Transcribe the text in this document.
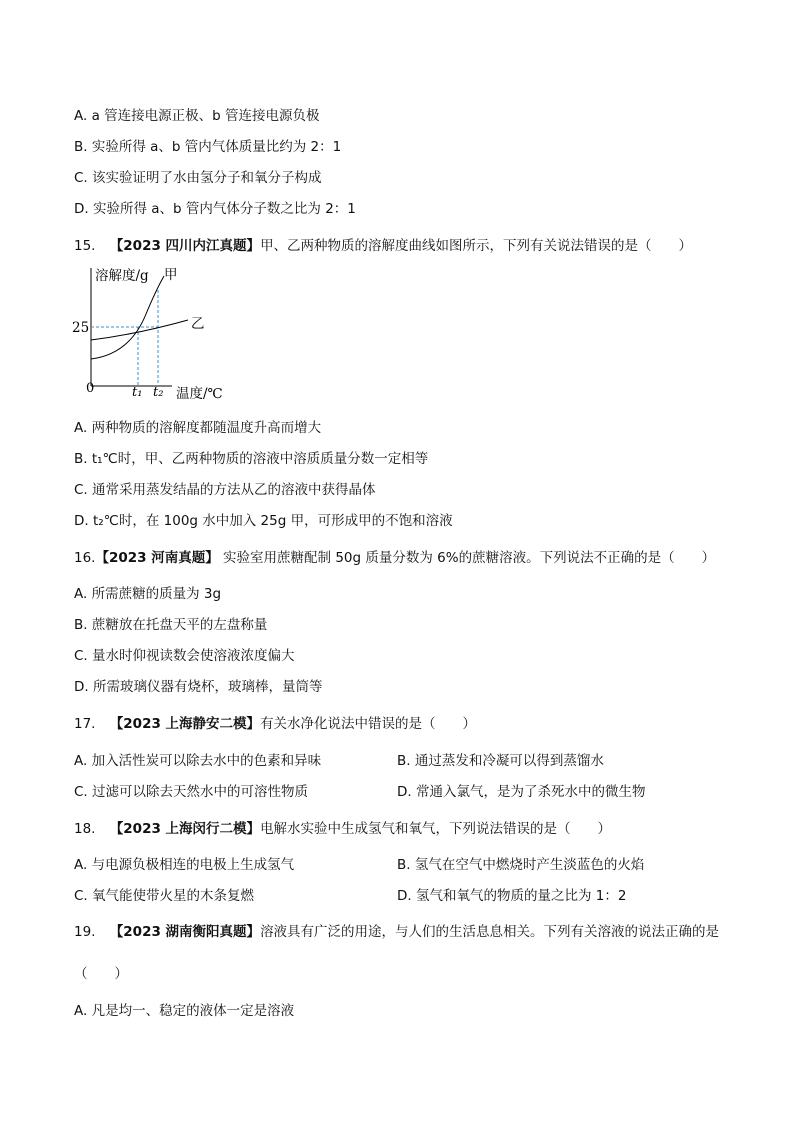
A. a 管连接电源正极、b 管连接电源负极
B. 实验所得 a、b 管内气体质量比约为 2：1
C. 该实验证明了水由氢分子和氧分子构成
D. 实验所得 a、b 管内气体分子数之比为 2：1
15. 【2023 四川内江真题】甲、乙两种物质的溶解度曲线如图所示，下列有关说法错误的是（　　）
溶解度/g 甲
乙
25
0	t₁ t₂ 温度/℃
A. 两种物质的溶解度都随温度升高而增大
B. t₁℃时，甲、乙两种物质的溶液中溶质质量分数一定相等
C. 通常采用蒸发结晶的方法从乙的溶液中获得晶体
D. t₂℃时，在 100g 水中加入 25g 甲，可形成甲的不饱和溶液
16.【2023 河南真题】 实验室用蔗糖配制 50g 质量分数为 6%的蔗糖溶液。下列说法不正确的是（　　）
A. 所需蔗糖的质量为 3g
B. 蔗糖放在托盘天平的左盘称量
C. 量水时仰视读数会使溶液浓度偏大
D. 所需玻璃仪器有烧杯，玻璃棒，量筒等
17. 【2023 上海静安二模】有关水净化说法中错误的是（　　）
A. 加入活性炭可以除去水中的色素和异味	B. 通过蒸发和冷凝可以得到蒸馏水
C. 过滤可以除去天然水中的可溶性物质	D. 常通入氯气，是为了杀死水中的微生物
18. 【2023 上海闵行二模】电解水实验中生成氢气和氧气，下列说法错误的是（　　）
A. 与电源负极相连的电极上生成氢气	B. 氢气在空气中燃烧时产生淡蓝色的火焰
C. 氧气能使带火星的木条复燃	D. 氢气和氧气的物质的量之比为 1：2
19. 【2023 湖南衡阳真题】溶液具有广泛的用途，与人们的生活息息相关。下列有关溶液的说法正确的是
（　　）
A. 凡是均一、稳定的液体一定是溶液
